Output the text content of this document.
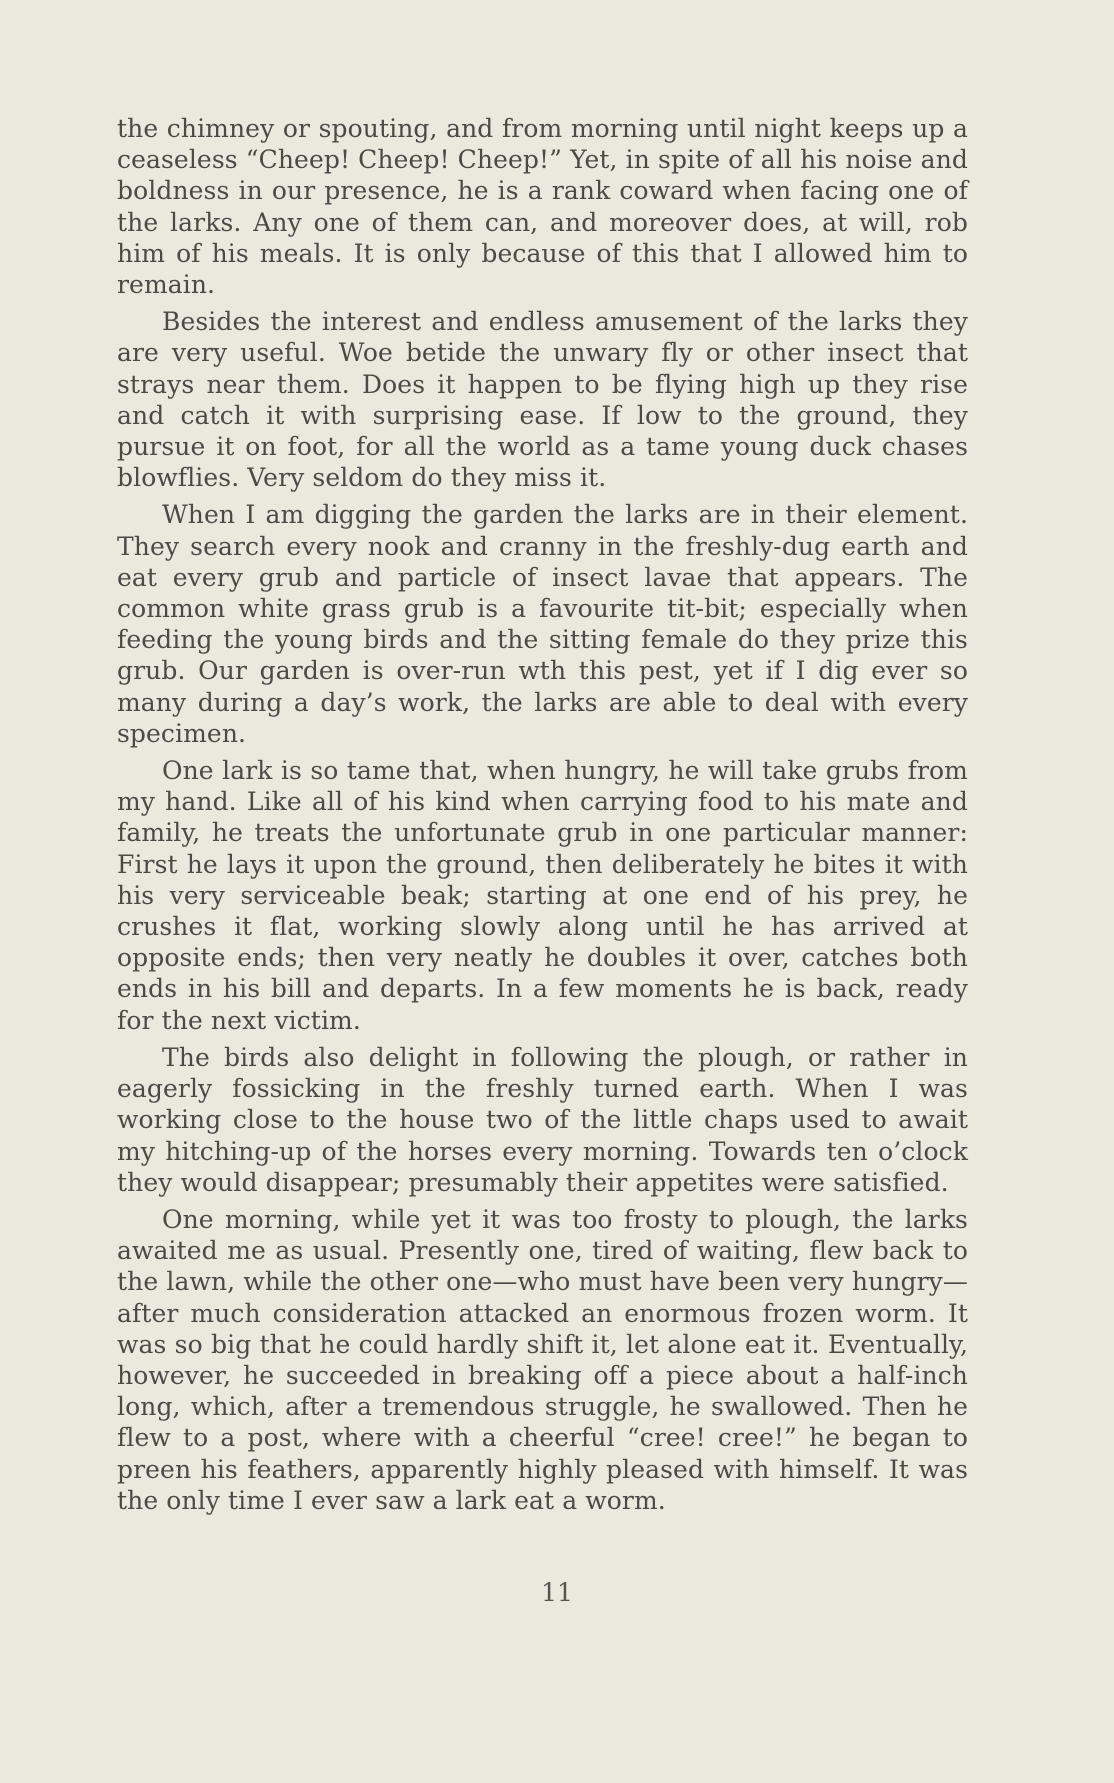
the chimney or spouting, and from morning until night keeps up a ceaseless “Cheep! Cheep! Cheep!” Yet, in spite of all his noise and boldness in our presence, he is a rank coward when facing one of the larks. Any one of them can, and moreover does, at will, rob him of his meals. It is only because of this that I allowed him to remain.

Besides the interest and endless amusement of the larks they are very useful. Woe betide the unwary fly or other insect that strays near them. Does it happen to be flying high up they rise and catch it with surprising ease. If low to the ground, they pursue it on foot, for all the world as a tame young duck chases blowflies. Very seldom do they miss it.

When I am digging the garden the larks are in their element. They search every nook and cranny in the freshly-dug earth and eat every grub and particle of insect lavae that appears. The common white grass grub is a favourite tit-bit; especially when feeding the young birds and the sitting female do they prize this grub. Our garden is over-run wth this pest, yet if I dig ever so many during a day’s work, the larks are able to deal with every specimen.

One lark is so tame that, when hungry, he will take grubs from my hand. Like all of his kind when carrying food to his mate and family, he treats the unfortunate grub in one particular manner: First he lays it upon the ground, then deliberately he bites it with his very serviceable beak; starting at one end of his prey, he crushes it flat, working slowly along until he has arrived at opposite ends; then very neatly he doubles it over, catches both ends in his bill and departs. In a few moments he is back, ready for the next victim.

The birds also delight in following the plough, or rather in eagerly fossicking in the freshly turned earth. When I was working close to the house two of the little chaps used to await my hitching-up of the horses every morning. Towards ten o’clock they would disappear; presumably their appetites were satisfied.

One morning, while yet it was too frosty to plough, the larks awaited me as usual. Presently one, tired of waiting, flew back to the lawn, while the other one—who must have been very hungry—after much consideration attacked an enormous frozen worm. It was so big that he could hardly shift it, let alone eat it. Eventually, however, he succeeded in breaking off a piece about a half-inch long, which, after a tremendous struggle, he swallowed. Then he flew to a post, where with a cheerful “cree! cree!” he began to preen his feathers, apparently highly pleased with himself. It was the only time I ever saw a lark eat a worm.

11
